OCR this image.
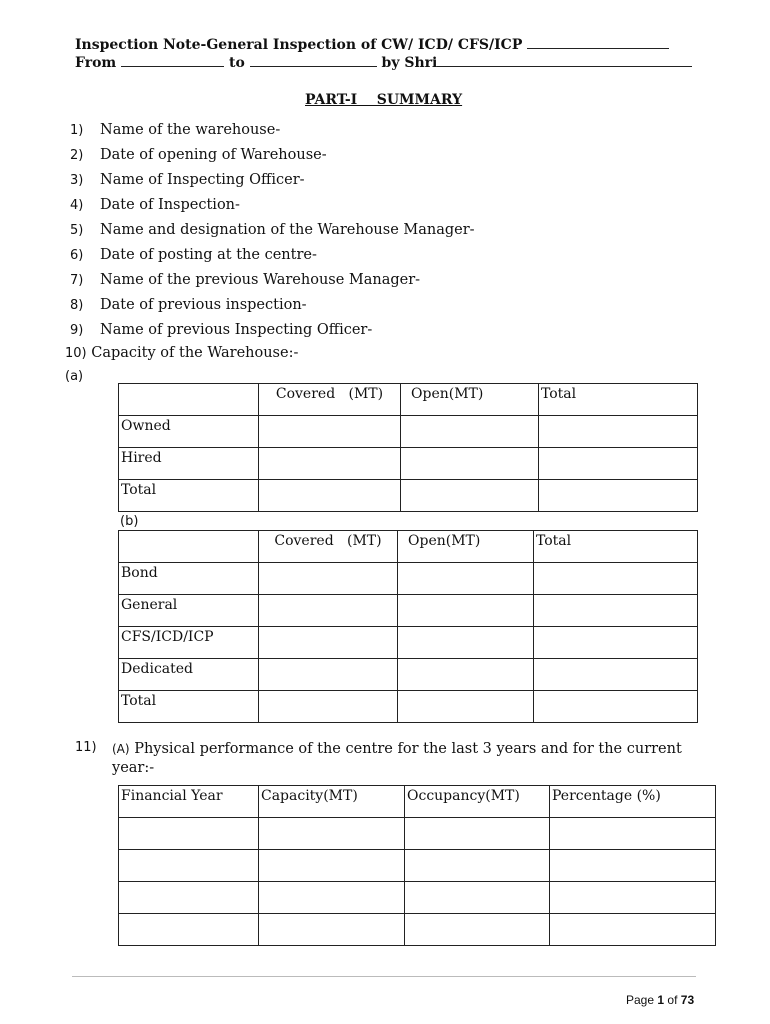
Inspection Note-General Inspection of CW/ ICD/ CFS/ICP
From	to	by Shri
PART-I    SUMMARY
1) Name of the warehouse-
2) Date of opening of Warehouse-
3) Name of Inspecting Officer-
4) Date of Inspection-
5) Name and designation of the Warehouse Manager-
6) Date of posting at the centre-
7) Name of the previous Warehouse Manager-
8) Date of previous inspection-
9) Name of previous Inspecting Officer-
10) Capacity of the Warehouse:-
(a)
	Covered   (MT)	Open(MT)	Total
Owned			
Hired			
Total			
(b)
	Covered   (MT)	Open(MT)	Total
Bond			
General			
CFS/ICD/ICP			
Dedicated			
Total			
11) (A) Physical performance of the centre for the last 3 years and for the current year:-
Financial Year	Capacity(MT)	Occupancy(MT)	Percentage (%)

Page 1 of 73
